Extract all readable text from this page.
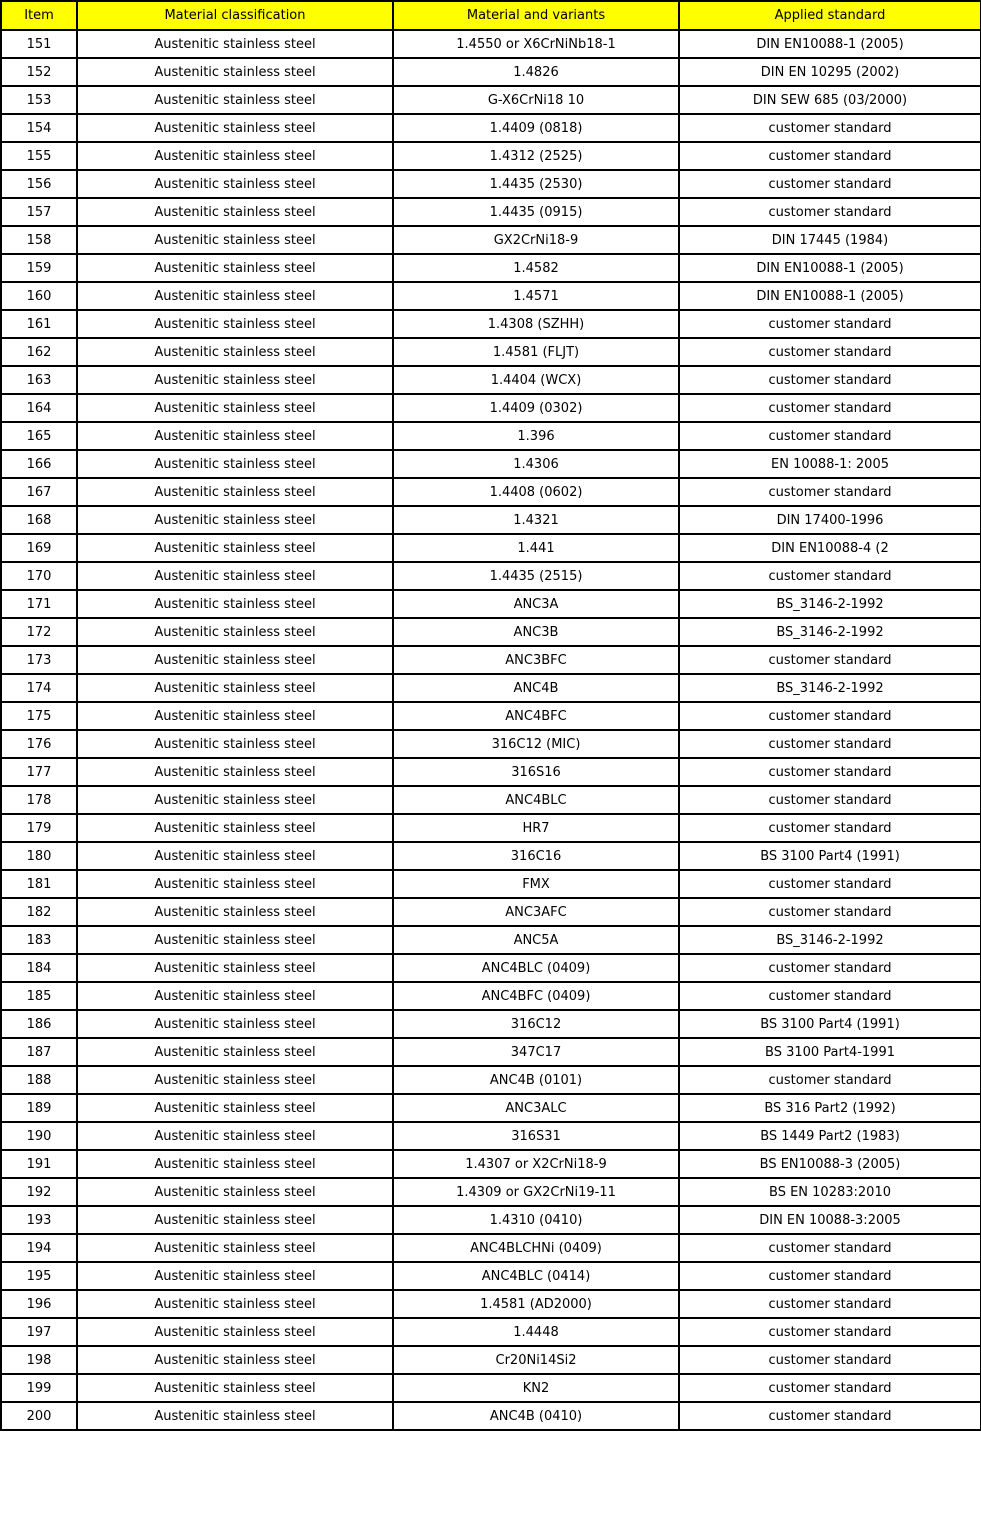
Item	Material classification	Material and variants	Applied standard
151	Austenitic stainless steel	1.4550 or X6CrNiNb18-1	DIN EN10088-1 (2005)
152	Austenitic stainless steel	1.4826	DIN EN 10295 (2002)
153	Austenitic stainless steel	G-X6CrNi18 10	DIN SEW 685 (03/2000)
154	Austenitic stainless steel	1.4409 (0818)	customer standard
155	Austenitic stainless steel	1.4312 (2525)	customer standard
156	Austenitic stainless steel	1.4435 (2530)	customer standard
157	Austenitic stainless steel	1.4435 (0915)	customer standard
158	Austenitic stainless steel	GX2CrNi18-9	DIN 17445 (1984)
159	Austenitic stainless steel	1.4582	DIN EN10088-1 (2005)
160	Austenitic stainless steel	1.4571	DIN EN10088-1 (2005)
161	Austenitic stainless steel	1.4308 (SZHH)	customer standard
162	Austenitic stainless steel	1.4581 (FLJT)	customer standard
163	Austenitic stainless steel	1.4404 (WCX)	customer standard
164	Austenitic stainless steel	1.4409 (0302)	customer standard
165	Austenitic stainless steel	1.396	customer standard
166	Austenitic stainless steel	1.4306	EN 10088-1: 2005
167	Austenitic stainless steel	1.4408 (0602)	customer standard
168	Austenitic stainless steel	1.4321	DIN 17400-1996
169	Austenitic stainless steel	1.441	DIN EN10088-4 (2
170	Austenitic stainless steel	1.4435 (2515)	customer standard
171	Austenitic stainless steel	ANC3A	BS_3146-2-1992
172	Austenitic stainless steel	ANC3B	BS_3146-2-1992
173	Austenitic stainless steel	ANC3BFC	customer standard
174	Austenitic stainless steel	ANC4B	BS_3146-2-1992
175	Austenitic stainless steel	ANC4BFC	customer standard
176	Austenitic stainless steel	316C12 (MIC)	customer standard
177	Austenitic stainless steel	316S16	customer standard
178	Austenitic stainless steel	ANC4BLC	customer standard
179	Austenitic stainless steel	HR7	customer standard
180	Austenitic stainless steel	316C16	BS 3100 Part4 (1991)
181	Austenitic stainless steel	FMX	customer standard
182	Austenitic stainless steel	ANC3AFC	customer standard
183	Austenitic stainless steel	ANC5A	BS_3146-2-1992
184	Austenitic stainless steel	ANC4BLC (0409)	customer standard
185	Austenitic stainless steel	ANC4BFC (0409)	customer standard
186	Austenitic stainless steel	316C12	BS 3100 Part4 (1991)
187	Austenitic stainless steel	347C17	BS 3100 Part4-1991
188	Austenitic stainless steel	ANC4B (0101)	customer standard
189	Austenitic stainless steel	ANC3ALC	BS 316 Part2 (1992)
190	Austenitic stainless steel	316S31	BS 1449 Part2 (1983)
191	Austenitic stainless steel	1.4307 or X2CrNi18-9	BS EN10088-3 (2005)
192	Austenitic stainless steel	1.4309 or GX2CrNi19-11	BS EN 10283:2010
193	Austenitic stainless steel	1.4310 (0410)	DIN EN 10088-3:2005
194	Austenitic stainless steel	ANC4BLCHNi (0409)	customer standard
195	Austenitic stainless steel	ANC4BLC (0414)	customer standard
196	Austenitic stainless steel	1.4581 (AD2000)	customer standard
197	Austenitic stainless steel	1.4448	customer standard
198	Austenitic stainless steel	Cr20Ni14Si2	customer standard
199	Austenitic stainless steel	KN2	customer standard
200	Austenitic stainless steel	ANC4B (0410)	customer standard
